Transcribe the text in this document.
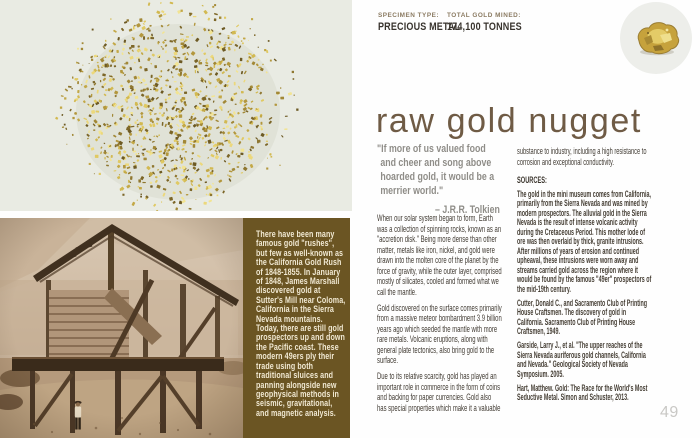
There have been many famous gold "rushes", but few as well-known as the California Gold Rush of 1848-1855. In January of 1848, James Marshall discovered gold at Sutter's Mill near Coloma, California in the Sierra Nevada mountains. Today, there are still gold prospectors up and down the Pacific coast. These modern 49ers ply their trade using both traditional sluices and panning alongside new geophysical methods in seismic, gravitational, and magnetic analysis.
SPECIMEN TYPE:
PRECIOUS METAL
TOTAL GOLD MINED:
174,100 TONNES
raw gold nugget

"If more of us valued food and cheer and song above hoarded gold, it would be a merrier world."

– J.R.R. Tolkien

When our solar system began to form, Earth was a collection of spinning rocks, known as an "accretion disk." Being more dense than other matter, metals like iron, nickel, and gold were drawn into the molten core of the planet by the force of gravity, while the outer layer, comprised mostly of silicates, cooled and formed what we call the mantle.

Gold discovered on the surface comes primarily from a massive meteor bombardment 3.9 billion years ago which seeded the mantle with more rare metals. Volcanic eruptions, along with general plate tectonics, also bring gold to the surface.

Due to its relative scarcity, gold has played an important role in commerce in the form of coins and backing for paper currencies. Gold also has special properties which make it a valuable

substance to industry, including a high resistance to corrosion and exceptional conductivity.

SOURCES:

The gold in the mini museum comes from California, primarily from the Sierra Nevada and was mined by modern prospectors. The alluvial gold in the Sierra Nevada is the result of intense volcanic activity during the Cretaceous Period. This mother lode of ore was then overlaid by thick, granite intrusions. After millions of years of erosion and continued upheaval, these intrusions were worn away and streams carried gold across the region where it would be found by the famous "49er" prospectors of the mid-19th century.

Cutter, Donald C., and Sacramento Club of Printing House Craftsmen. The discovery of gold in California. Sacramento Club of Printing House Craftsmen, 1949.

Garside, Larry J., et al. "The upper reaches of the Sierra Nevada auriferous gold channels, California and Nevada." Geological Society of Nevada Symposium. 2005.

Hart, Matthew. Gold: The Race for the World's Most Seductive Metal. Simon and Schuster, 2013.

49
